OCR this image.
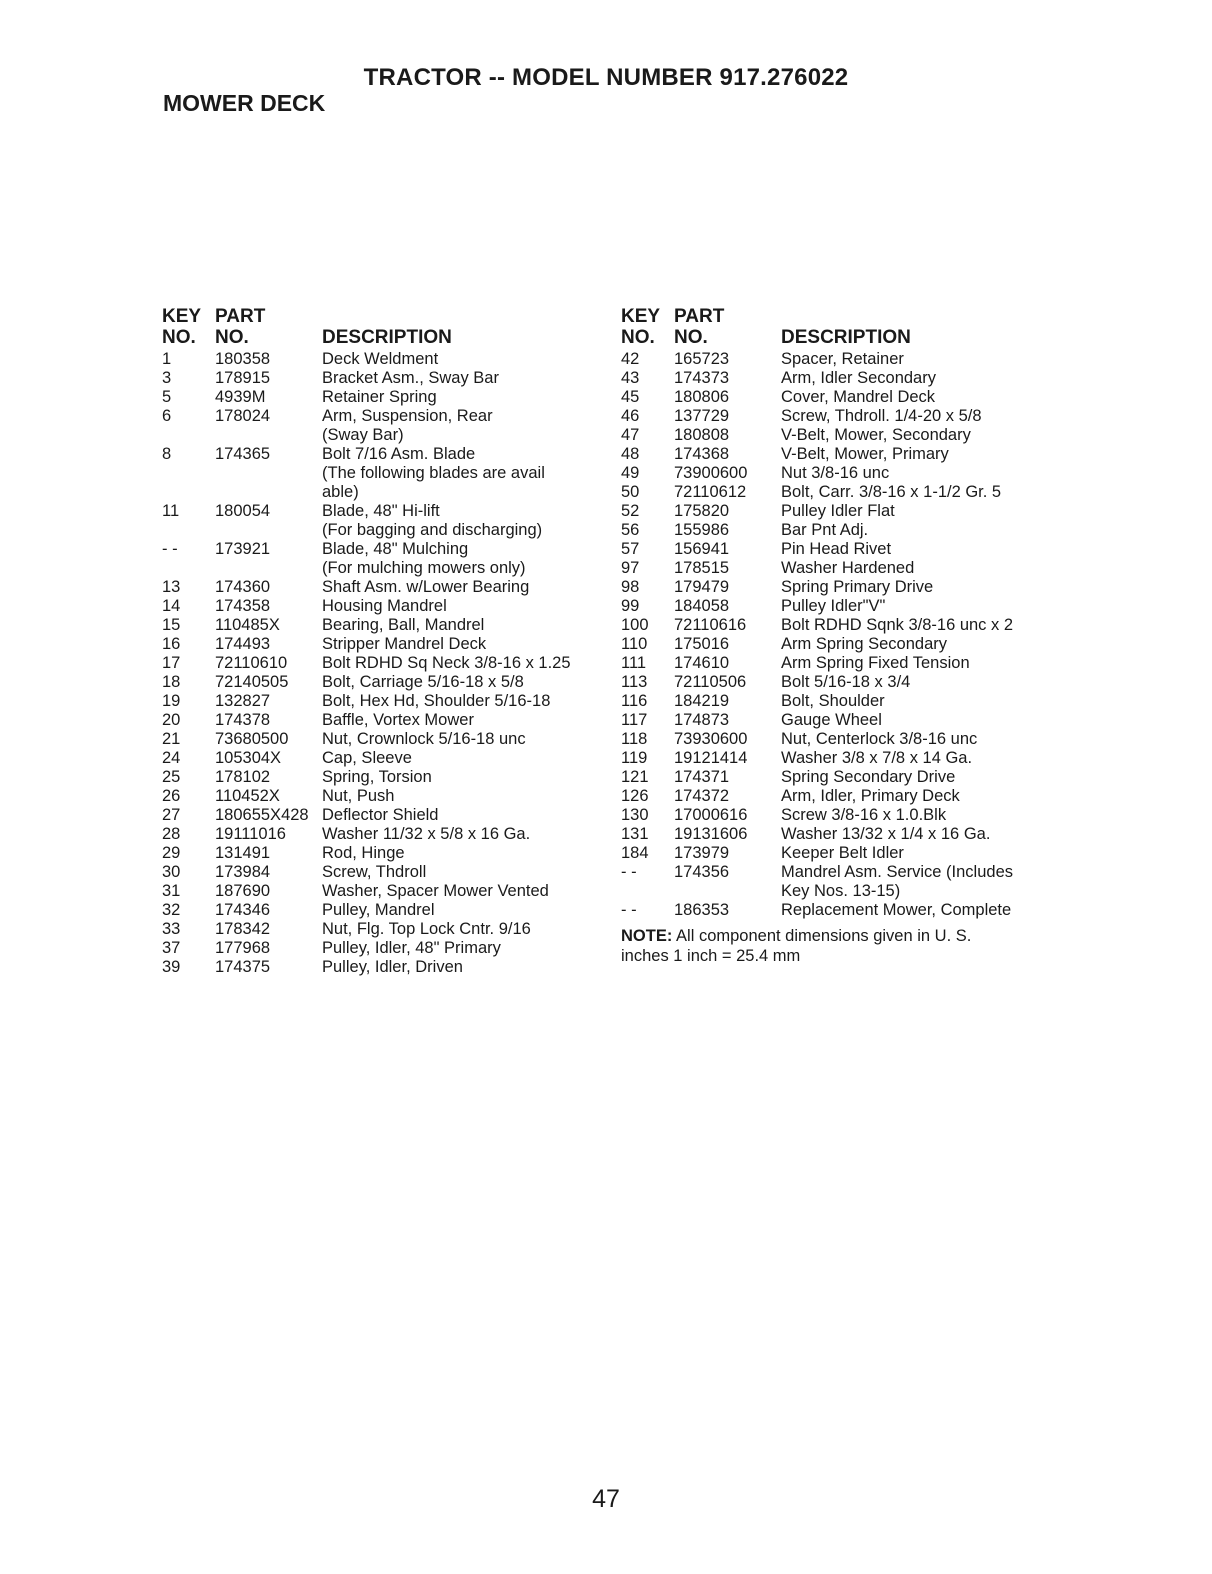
TRACTOR -- MODEL NUMBER 917.276022
MOWER DECK
KEY
NO.
PART
NO.	DESCRIPTION
1	180358	Deck Weldment
3	178915	Bracket Asm., Sway Bar
5	4939M	Retainer Spring
6	178024	Arm, Suspension, Rear
(Sway Bar)
8	174365	Bolt 7/16 Asm. Blade
(The following blades are avail
able)
11 180054	Blade, 48" Hi-lift
(For bagging and discharging)
- - 173921	Blade, 48" Mulching
(For mulching mowers only)
13 174360	Shaft Asm. w/Lower Bearing
14 174358	Housing Mandrel
15 110485X	Bearing, Ball, Mandrel
16 174493	Stripper Mandrel Deck
17 72110610 Bolt RDHD Sq Neck 3/8-16 x 1.25
18 72140505 Bolt, Carriage 5/16-18 x 5/8
19 132827	Bolt, Hex Hd, Shoulder 5/16-18
20 174378	Baffle, Vortex Mower
21 73680500 Nut, Crownlock 5/16-18 unc
24 105304X Cap, Sleeve
25 178102	Spring, Torsion
26 110452X	Nut, Push
27 180655X428 Deflector Shield
28 19111016 Washer 11/32 x 5/8 x 16 Ga.
29 131491	Rod, Hinge
30 173984	Screw, Thdroll
31 187690	Washer, Spacer Mower Vented
32 174346	Pulley, Mandrel
33 178342	Nut, Flg. Top Lock Cntr. 9/16
37 177968	Pulley, Idler, 48" Primary
39 174375	Pulley, Idler, Driven
KEY
NO.
PART
NO.	DESCRIPTION
42 165723	Spacer, Retainer
43 174373	Arm, Idler Secondary
45 180806	Cover, Mandrel Deck
46 137729	Screw, Thdroll. 1/4-20 x 5/8
47 180808	V-Belt, Mower, Secondary
48 174368	V-Belt, Mower, Primary
49 73900600 Nut 3/8-16 unc
50 72110612 Bolt, Carr. 3/8-16 x 1-1/2 Gr. 5
52 175820	Pulley Idler Flat
56 155986	Bar Pnt Adj.
57 156941	Pin Head Rivet
97 178515	Washer Hardened
98 179479	Spring Primary Drive
99 184058	Pulley Idler"V"
100 72110616 Bolt RDHD Sqnk 3/8-16 unc x 2
110 175016	Arm Spring Secondary
111 174610	Arm Spring Fixed Tension
113 72110506 Bolt 5/16-18 x 3/4
116 184219	Bolt, Shoulder
117 174873	Gauge Wheel
118 73930600 Nut, Centerlock 3/8-16 unc
119 19121414 Washer 3/8 x 7/8 x 14 Ga.
121 174371	Spring Secondary Drive
126 174372	Arm, Idler, Primary Deck
130 17000616 Screw 3/8-16 x 1.0.Blk
131 19131606 Washer 13/32 x 1/4 x 16 Ga.
184 173979	Keeper Belt Idler
- - 174356	Mandrel Asm. Service (Includes
Key Nos. 13-15)
- - 186353	Replacement Mower, Complete
NOTE: All component dimensions given in U. S.
inches 1 inch = 25.4 mm
47
